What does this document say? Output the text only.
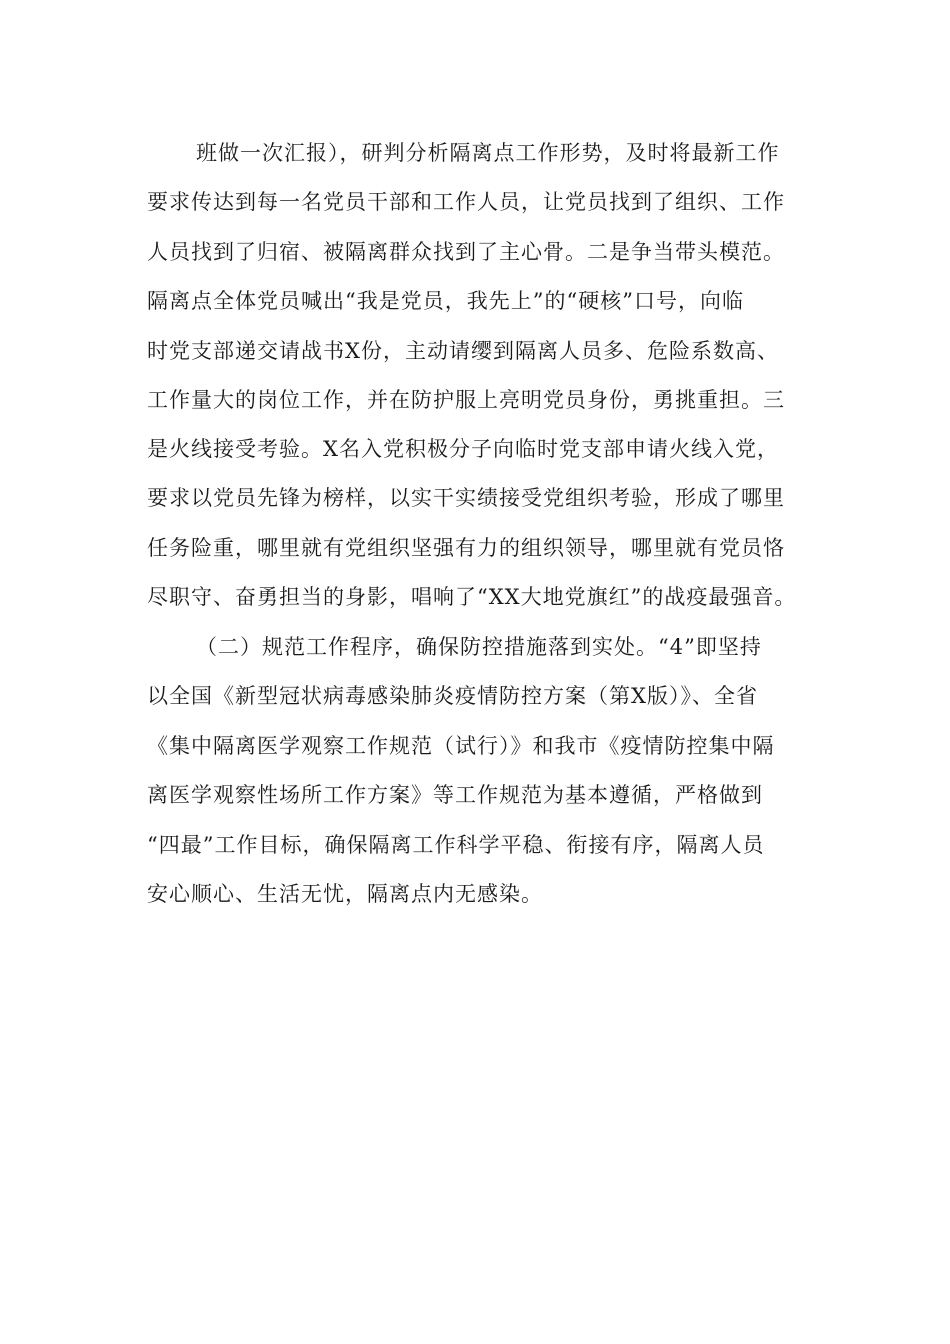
班做一次汇报），研判分析隔离点工作形势，及时将最新工作
要求传达到每一名党员干部和工作人员，让党员找到了组织、工作
人员找到了归宿、被隔离群众找到了主心骨。二是争当带头模范。
隔离点全体党员喊出“我是党员，我先上”的“硬核”口号，向临
时党支部递交请战书X份，主动请缨到隔离人员多、危险系数高、
工作量大的岗位工作，并在防护服上亮明党员身份，勇挑重担。三
是火线接受考验。X名入党积极分子向临时党支部申请火线入党，
要求以党员先锋为榜样，以实干实绩接受党组织考验，形成了哪里
任务险重，哪里就有党组织坚强有力的组织领导，哪里就有党员恪
尽职守、奋勇担当的身影，唱响了“XX大地党旗红”的战疫最强音。
（二）规范工作程序，确保防控措施落到实处。“4”即坚持
以全国《新型冠状病毒感染肺炎疫情防控方案（第X版）》、全省
《集中隔离医学观察工作规范（试行）》和我市《疫情防控集中隔
离医学观察性场所工作方案》等工作规范为基本遵循，严格做到
“四最”工作目标，确保隔离工作科学平稳、衔接有序，隔离人员
安心顺心、生活无忧，隔离点内无感染。
